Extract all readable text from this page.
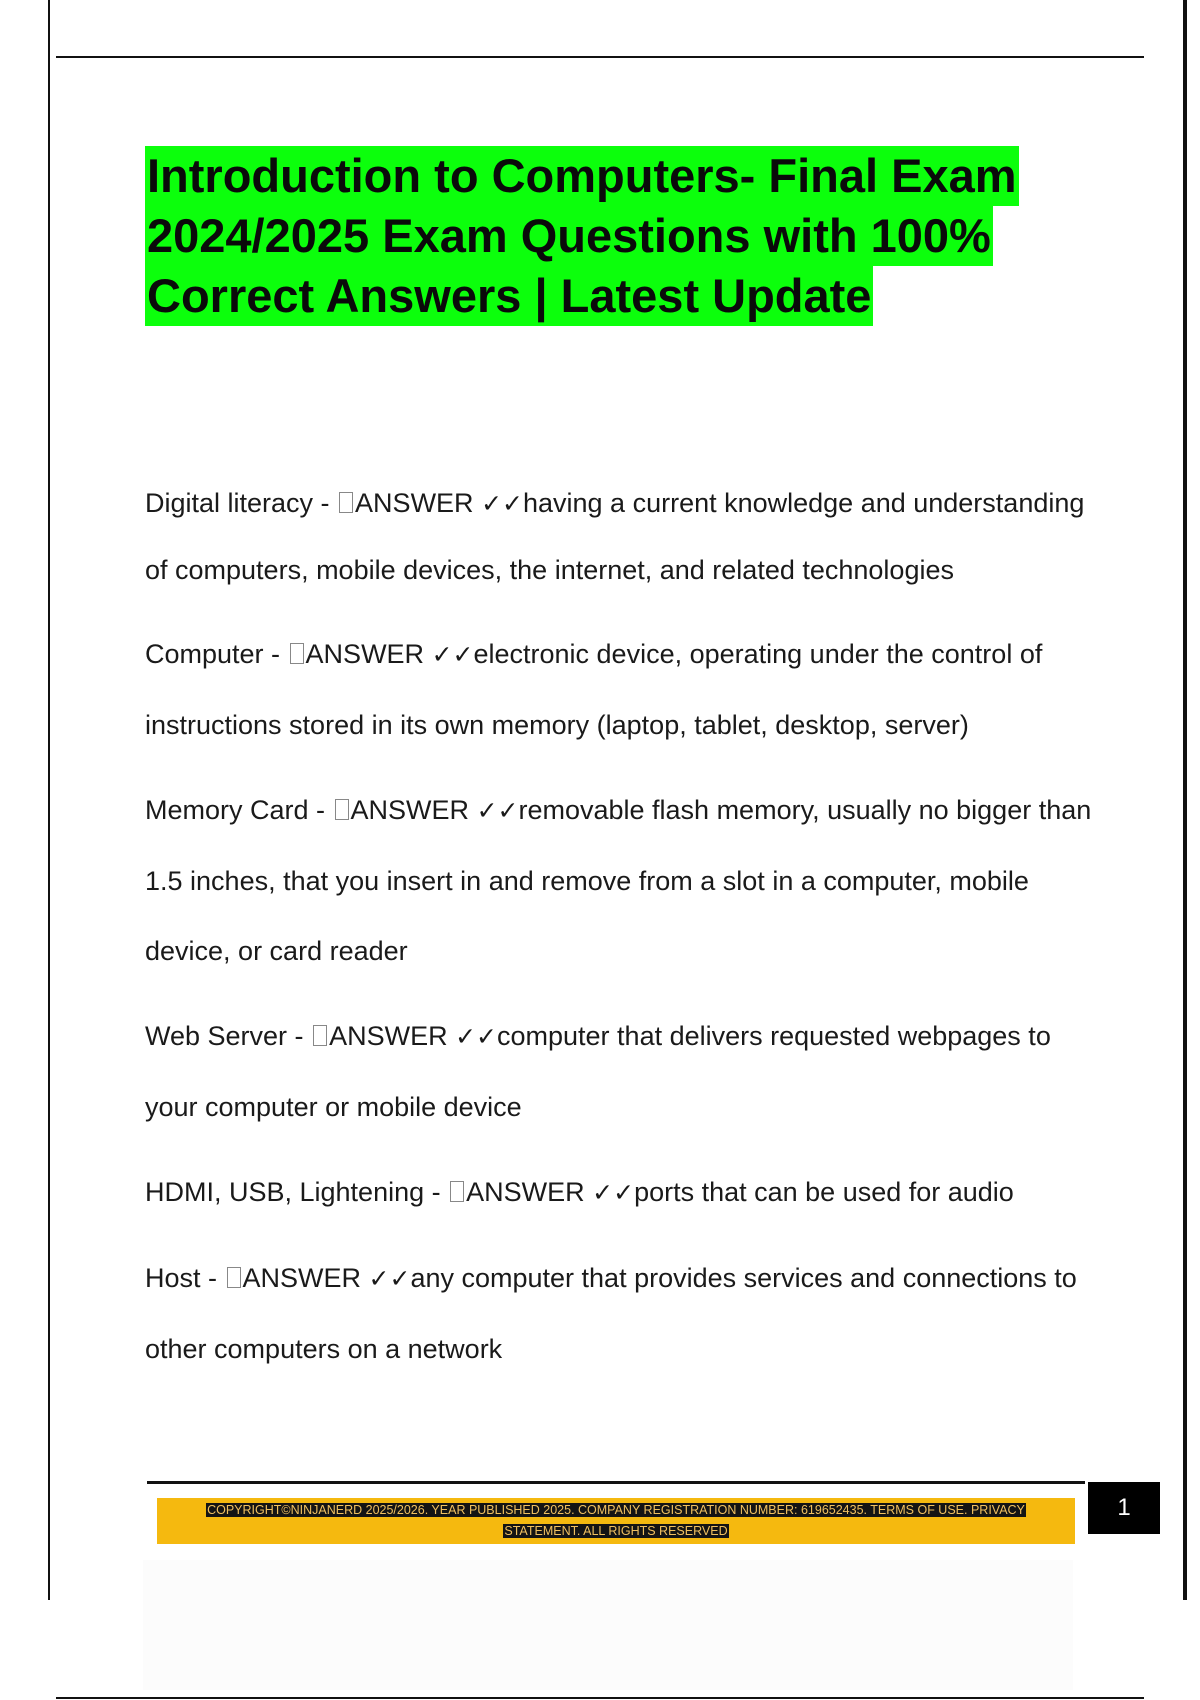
Introduction to Computers- Final Exam
2024/2025 Exam Questions with 100%
Correct Answers | Latest Update

Digital literacy - ANSWER ✓✓having a current knowledge and understanding of computers, mobile devices, the internet, and related technologies

Computer - ANSWER ✓✓electronic device, operating under the control of instructions stored in its own memory (laptop, tablet, desktop, server)

Memory Card - ANSWER ✓✓removable flash memory, usually no bigger than 1.5 inches, that you insert in and remove from a slot in a computer, mobile device, or card reader

Web Server - ANSWER ✓✓computer that delivers requested webpages to your computer or mobile device

HDMI, USB, Lightening - ANSWER ✓✓ports that can be used for audio

Host - ANSWER ✓✓any computer that provides services and connections to other computers on a network

COPYRIGHT©NINJANERD 2025/2026. YEAR PUBLISHED 2025. COMPANY REGISTRATION NUMBER: 619652435. TERMS OF USE. PRIVACY
STATEMENT. ALL RIGHTS RESERVED
1
